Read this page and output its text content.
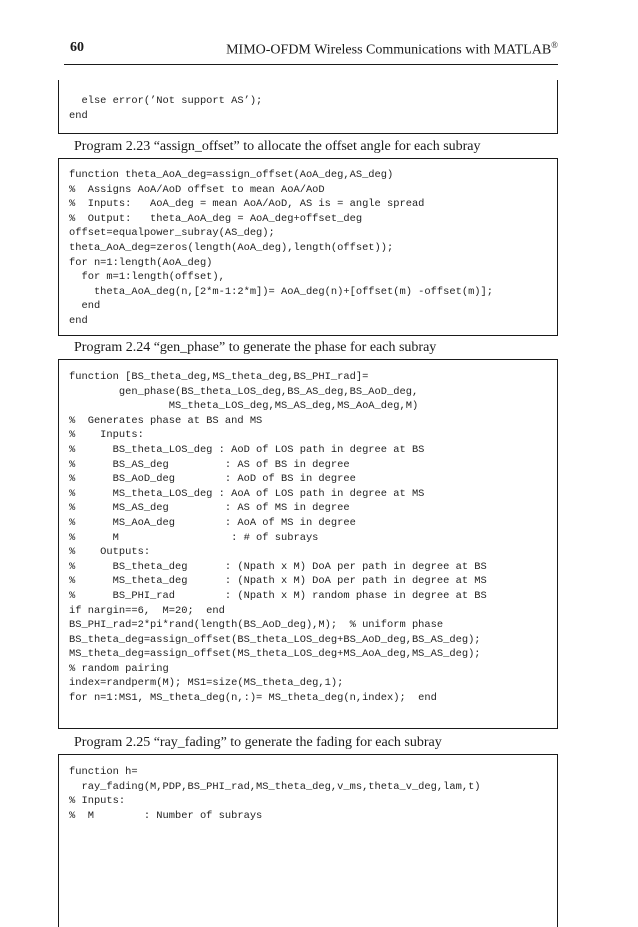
60	MIMO-OFDM Wireless Communications with MATLAB®
else error(’Not support AS’);
end
Program 2.23 “assign_offset” to allocate the offset angle for each subray
function theta_AoA_deg=assign_offset(AoA_deg,AS_deg)
%  Assigns AoA/AoD offset to mean AoA/AoD
%  Inputs:   AoA_deg = mean AoA/AoD, AS is = angle spread
%  Output:   theta_AoA_deg = AoA_deg+offset_deg
offset=equalpower_subray(AS_deg);
theta_AoA_deg=zeros(length(AoA_deg),length(offset));
for n=1:length(AoA_deg)
for m=1:length(offset),
theta_AoA_deg(n,[2*m-1:2*m])= AoA_deg(n)+[offset(m) -offset(m)];
end
end
Program 2.24 “gen_phase” to generate the phase for each subray
function [BS_theta_deg,MS_theta_deg,BS_PHI_rad]=
gen_phase(BS_theta_LOS_deg,BS_AS_deg,BS_AoD_deg,
MS_theta_LOS_deg,MS_AS_deg,MS_AoA_deg,M)
%  Generates phase at BS and MS
%    Inputs:
%      BS_theta_LOS_deg : AoD of LOS path in degree at BS
%      BS_AS_deg         : AS of BS in degree
%      BS_AoD_deg        : AoD of BS in degree
%      MS_theta_LOS_deg : AoA of LOS path in degree at MS
%      MS_AS_deg         : AS of MS in degree
%      MS_AoA_deg        : AoA of MS in degree
%      M                  : # of subrays
%    Outputs:
%      BS_theta_deg      : (Npath x M) DoA per path in degree at BS
%      MS_theta_deg      : (Npath x M) DoA per path in degree at MS
%      BS_PHI_rad        : (Npath x M) random phase in degree at BS
if nargin==6,  M=20;  end
BS_PHI_rad=2*pi*rand(length(BS_AoD_deg),M);  % uniform phase
BS_theta_deg=assign_offset(BS_theta_LOS_deg+BS_AoD_deg,BS_AS_deg);
MS_theta_deg=assign_offset(MS_theta_LOS_deg+MS_AoA_deg,MS_AS_deg);
% random pairing
index=randperm(M); MS1=size(MS_theta_deg,1);
for n=1:MS1, MS_theta_deg(n,:)= MS_theta_deg(n,index);  end
Program 2.25 “ray_fading” to generate the fading for each subray
function h=
ray_fading(M,PDP,BS_PHI_rad,MS_theta_deg,v_ms,theta_v_deg,lam,t)
% Inputs:
%  M        : Number of subrays
